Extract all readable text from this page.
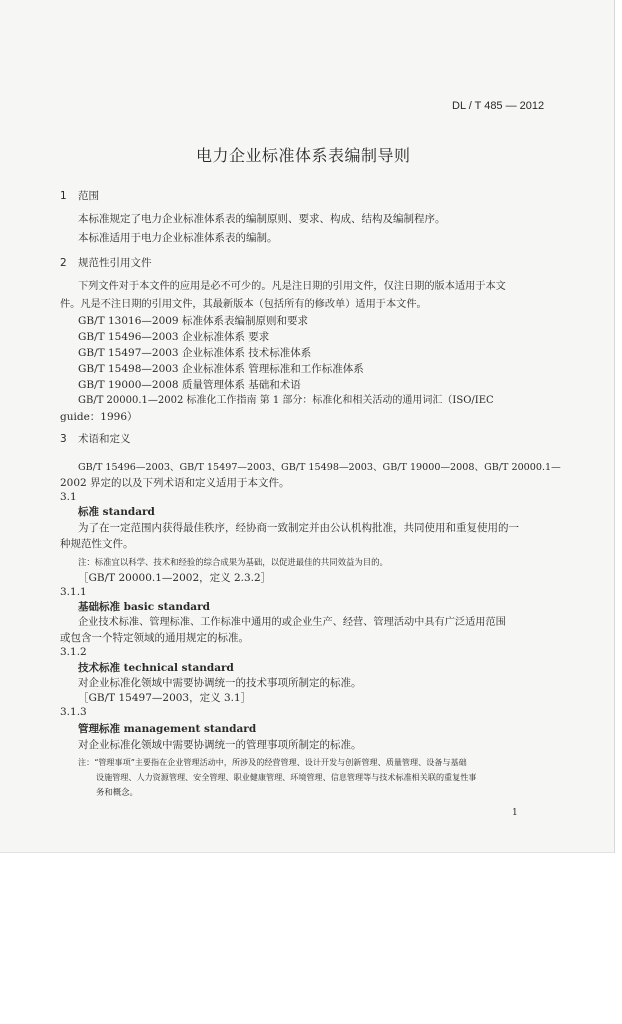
DL / T 485 — 2012
电力企业标准体系表编制导则
1 范围
本标准规定了电力企业标准体系表的编制原则、要求、构成、结构及编制程序。
本标准适用于电力企业标准体系表的编制。
2 规范性引用文件
下列文件对于本文件的应用是必不可少的。凡是注日期的引用文件，仅注日期的版本适用于本文
件。凡是不注日期的引用文件，其最新版本（包括所有的修改单）适用于本文件。
GB/T 13016—2009 标准体系表编制原则和要求
GB/T 15496—2003 企业标准体系 要求
GB/T 15497—2003 企业标准体系 技术标准体系
GB/T 15498—2003 企业标准体系 管理标准和工作标准体系
GB/T 19000—2008 质量管理体系 基础和术语
GB/T 20000.1—2002 标准化工作指南 第 1 部分：标准化和相关活动的通用词汇（ISO/IEC
guide：1996）
3 术语和定义
GB/T 15496—2003、GB/T 15497—2003、GB/T 15498—2003、GB/T 19000—2008、GB/T 20000.1—
2002 界定的以及下列术语和定义适用于本文件。
3.1
标准 standard
为了在一定范围内获得最佳秩序，经协商一致制定并由公认机构批准，共同使用和重复使用的一
种规范性文件。
注：标准宜以科学、技术和经验的综合成果为基础，以促进最佳的共同效益为目的。
［GB/T 20000.1—2002，定义 2.3.2］
3.1.1
基础标准 basic standard
企业技术标准、管理标准、工作标准中通用的或企业生产、经营、管理活动中具有广泛适用范围
或包含一个特定领域的通用规定的标准。
3.1.2
技术标准 technical standard
对企业标准化领域中需要协调统一的技术事项所制定的标准。
［GB/T 15497—2003，定义 3.1］
3.1.3
管理标准 management standard
对企业标准化领域中需要协调统一的管理事项所制定的标准。
注：“管理事项”主要指在企业管理活动中，所涉及的经营管理、设计开发与创新管理、质量管理、设备与基础
设施管理、人力资源管理、安全管理、职业健康管理、环境管理、信息管理等与技术标准相关联的重复性事
务和概念。
1
